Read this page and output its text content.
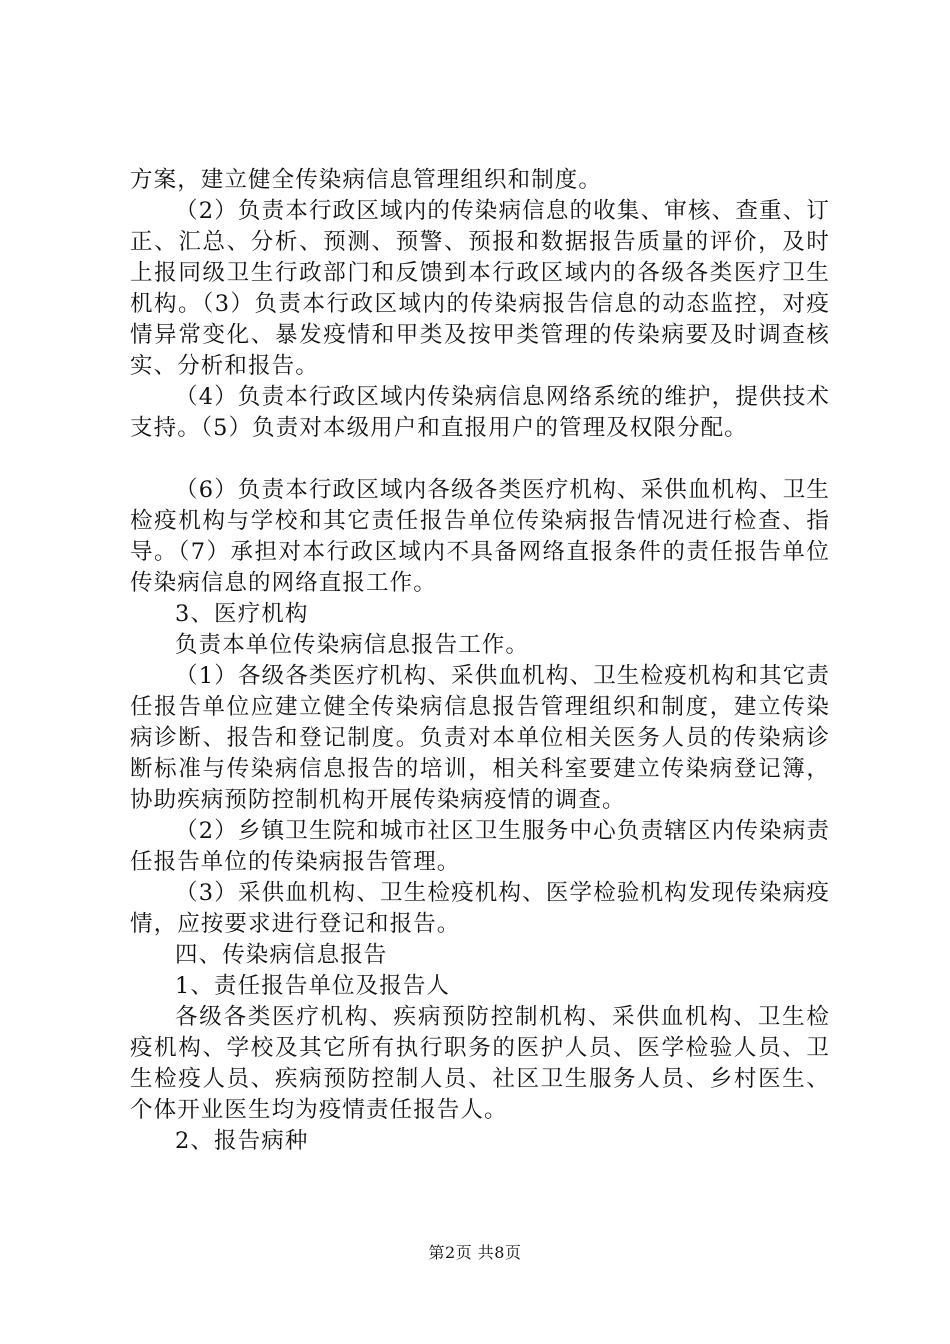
方案，建立健全传染病信息管理组织和制度。

（2）负责本行政区域内的传染病信息的收集、审核、查重、订正、汇总、分析、预测、预警、预报和数据报告质量的评价，及时上报同级卫生行政部门和反馈到本行政区域内的各级各类医疗卫生机构。（3）负责本行政区域内的传染病报告信息的动态监控，对疫情异常变化、暴发疫情和甲类及按甲类管理的传染病要及时调查核实、分析和报告。

（4）负责本行政区域内传染病信息网络系统的维护，提供技术支持。（5）负责对本级用户和直报用户的管理及权限分配。

（6）负责本行政区域内各级各类医疗机构、采供血机构、卫生检疫机构与学校和其它责任报告单位传染病报告情况进行检查、指导。（7）承担对本行政区域内不具备网络直报条件的责任报告单位传染病信息的网络直报工作。

3、医疗机构

负责本单位传染病信息报告工作。

（1）各级各类医疗机构、采供血机构、卫生检疫机构和其它责任报告单位应建立健全传染病信息报告管理组织和制度，建立传染病诊断、报告和登记制度。负责对本单位相关医务人员的传染病诊断标准与传染病信息报告的培训，相关科室要建立传染病登记簿，协助疾病预防控制机构开展传染病疫情的调查。

（2）乡镇卫生院和城市社区卫生服务中心负责辖区内传染病责任报告单位的传染病报告管理。

（3）采供血机构、卫生检疫机构、医学检验机构发现传染病疫情，应按要求进行登记和报告。

四、传染病信息报告

1、责任报告单位及报告人

各级各类医疗机构、疾病预防控制机构、采供血机构、卫生检疫机构、学校及其它所有执行职务的医护人员、医学检验人员、卫生检疫人员、疾病预防控制人员、社区卫生服务人员、乡村医生、个体开业医生均为疫情责任报告人。

2、报告病种

第2页 共8页
